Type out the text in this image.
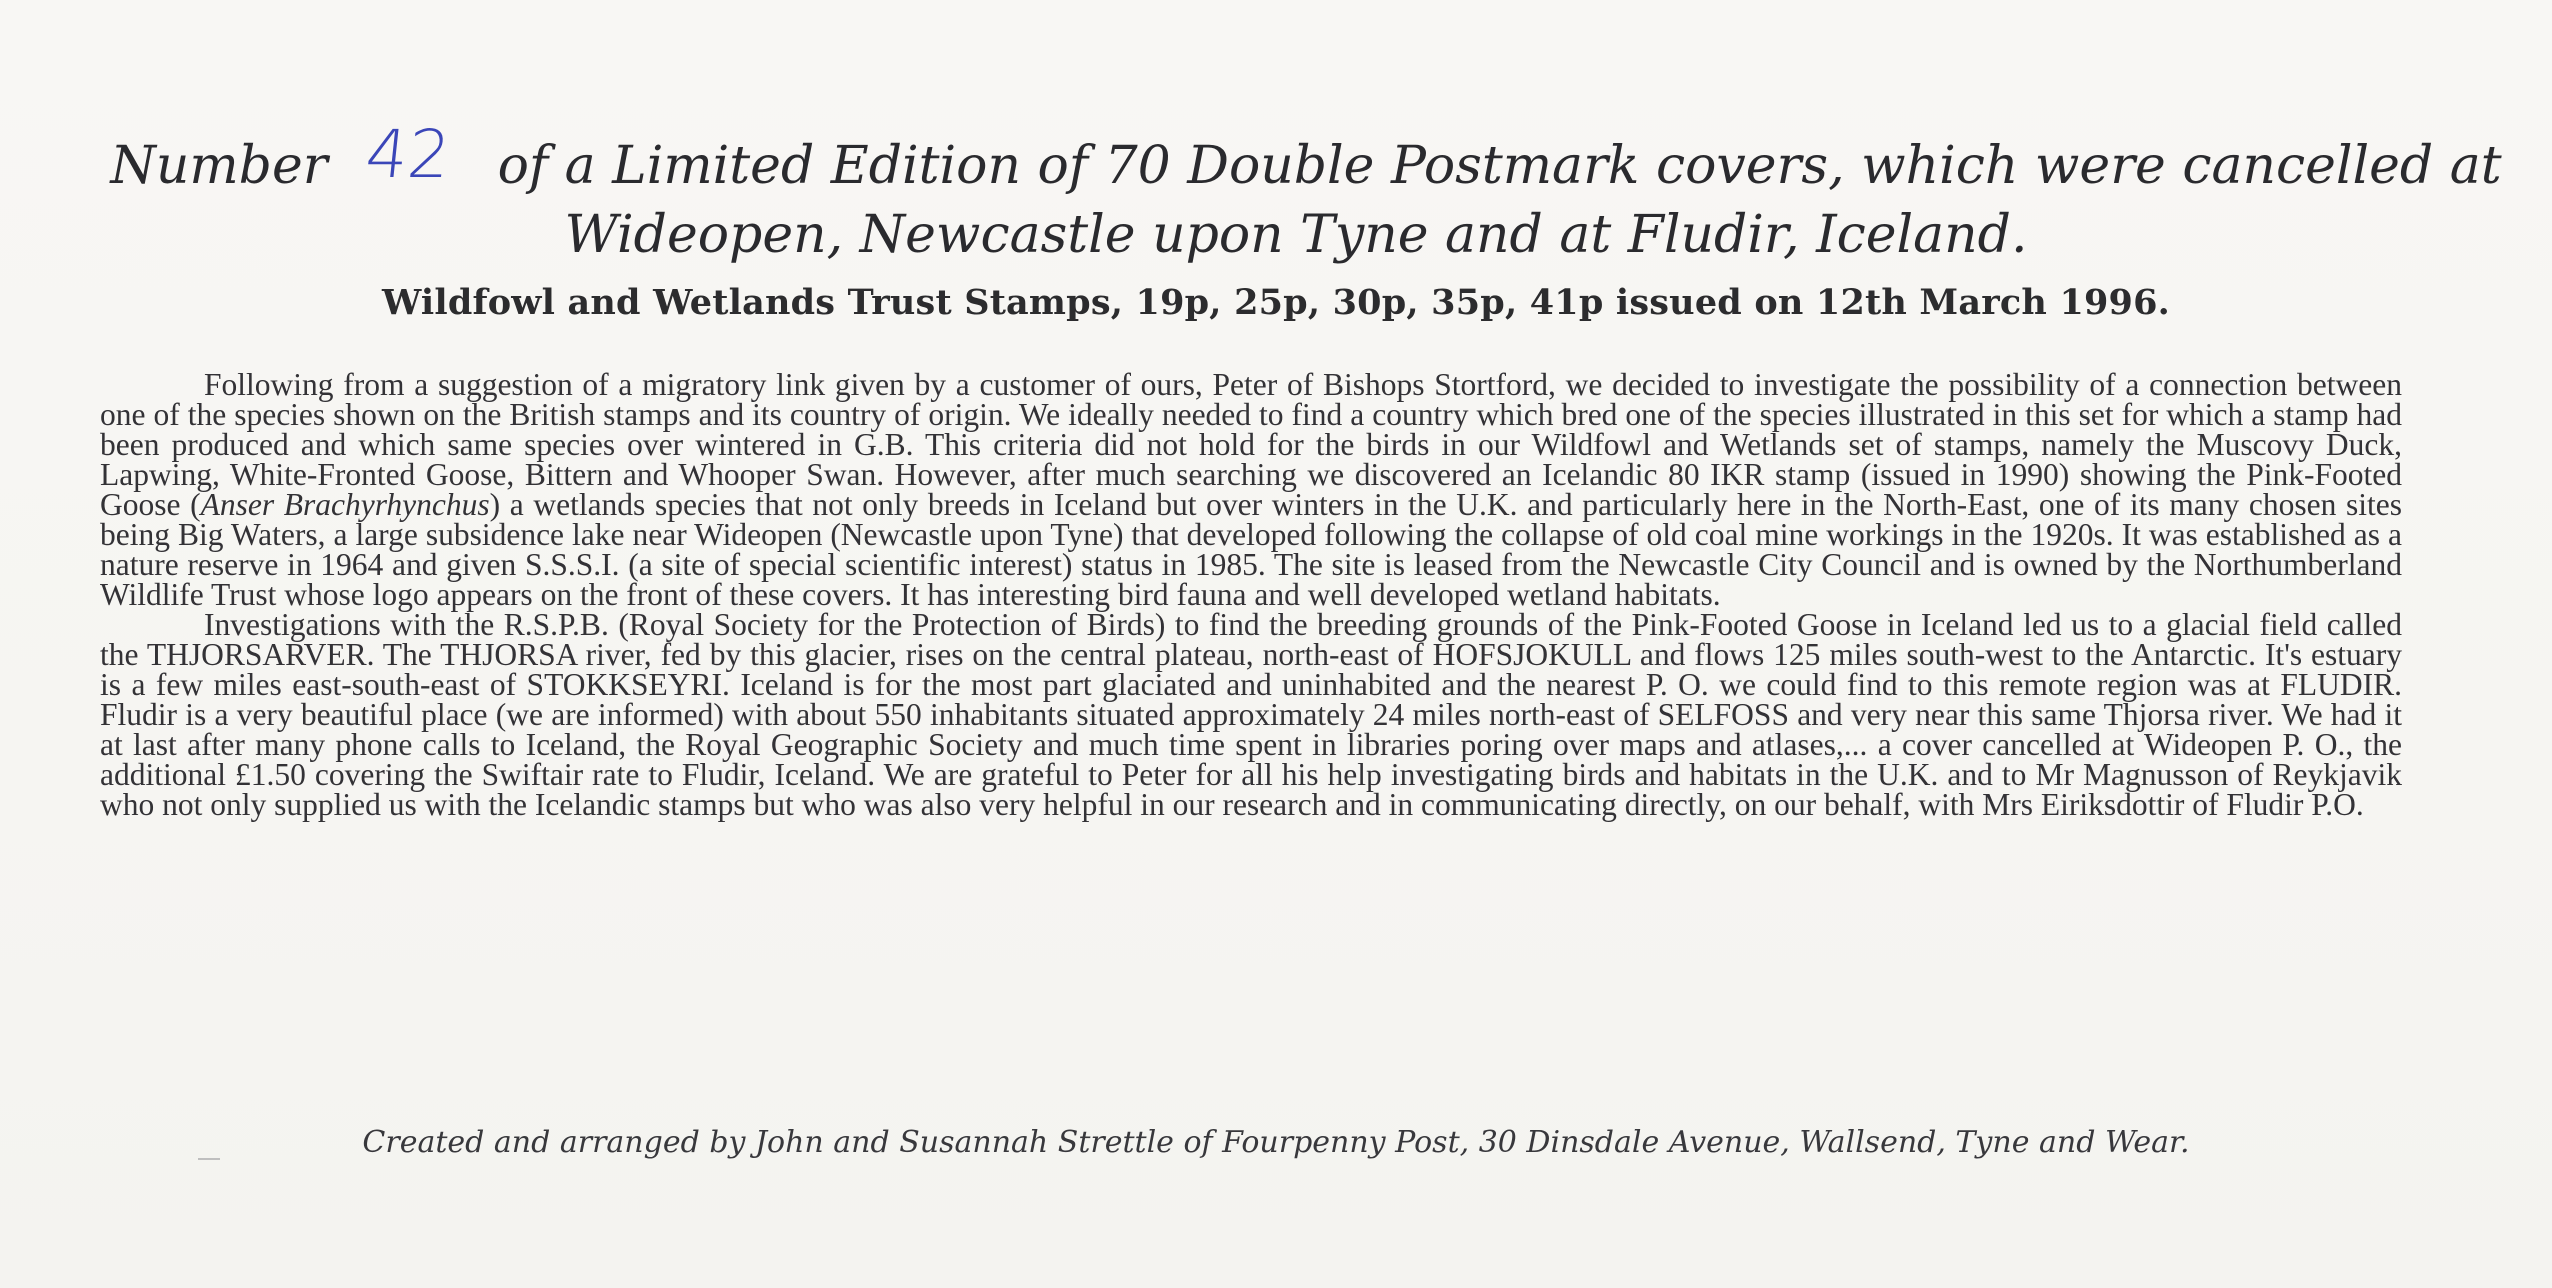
Number 42 of a Limited Edition of 70 Double Postmark covers, which were cancelled at
Wideopen, Newcastle upon Tyne and at Fludir, Iceland.
Wildfowl and Wetlands Trust Stamps, 19p, 25p, 30p, 35p, 41p issued on 12th March 1996.

Following from a suggestion of a migratory link given by a customer of ours, Peter of Bishops Stortford, we decided to investigate the possibility of a connection between one of the species shown on the British stamps and its country of origin. We ideally needed to find a country which bred one of the species illustrated in this set for which a stamp had been produced and which same species over wintered in G.B. This criteria did not hold for the birds in our Wildfowl and Wetlands set of stamps, namely the Muscovy Duck, Lapwing, White-Fronted Goose, Bittern and Whooper Swan. However, after much searching we discovered an Icelandic 80 IKR stamp (issued in 1990) showing the Pink-Footed Goose (Anser Brachyrhynchus) a wetlands species that not only breeds in Iceland but over winters in the U.K. and particularly here in the North-East, one of its many chosen sites being Big Waters, a large subsidence lake near Wideopen (Newcastle upon Tyne) that developed following the collapse of old coal mine workings in the 1920s. It was established as a nature reserve in 1964 and given S.S.S.I. (a site of special scientific interest) status in 1985. The site is leased from the Newcastle City Council and is owned by the Northumberland Wildlife Trust whose logo appears on the front of these covers. It has interesting bird fauna and well developed wetland habitats.

Investigations with the R.S.P.B. (Royal Society for the Protection of Birds) to find the breeding grounds of the Pink-Footed Goose in Iceland led us to a glacial field called the THJORSARVER. The THJORSA river, fed by this glacier, rises on the central plateau, north-east of HOFSJOKULL and flows 125 miles south-west to the Antarctic. It's estuary is a few miles east-south-east of STOKKSEYRI. Iceland is for the most part glaciated and uninhabited and the nearest P. O. we could find to this remote region was at FLUDIR. Fludir is a very beautiful place (we are informed) with about 550 inhabitants situated approximately 24 miles north-east of SELFOSS and very near this same Thjorsa river. We had it at last after many phone calls to Iceland, the Royal Geographic Society and much time spent in libraries poring over maps and atlases,... a cover cancelled at Wideopen P. O., the additional £1.50 covering the Swiftair rate to Fludir, Iceland. We are grateful to Peter for all his help investigating birds and habitats in the U.K. and to Mr Magnusson of Reykjavik who not only supplied us with the Icelandic stamps but who was also very helpful in our research and in communicating directly, on our behalf, with Mrs Eiriksdottir of Fludir P.O.

Created and arranged by John and Susannah Strettle of Fourpenny Post, 30 Dinsdale Avenue, Wallsend, Tyne and Wear.
